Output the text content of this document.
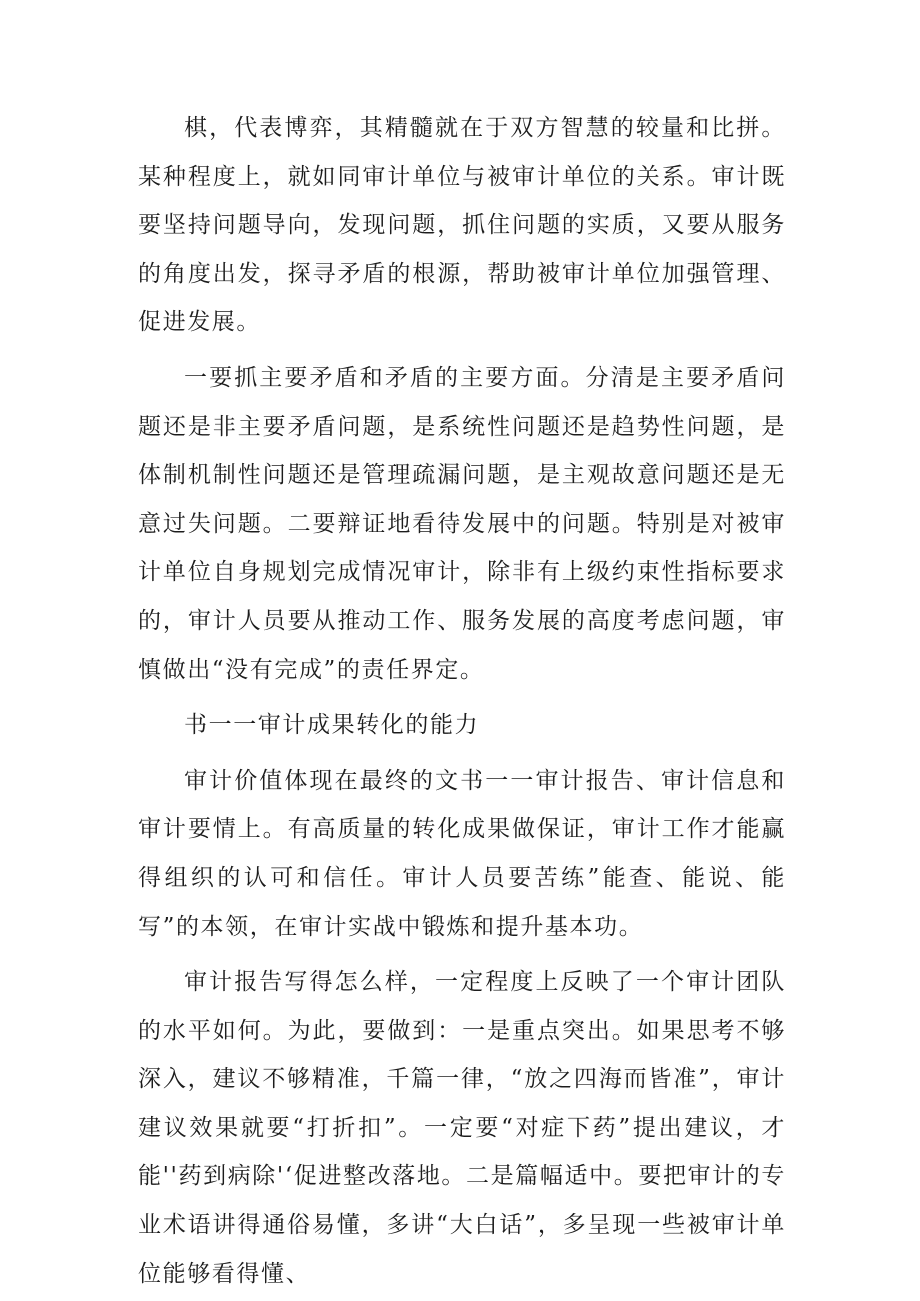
棋，代表博弈，其精髓就在于双方智慧的较量和比拼。某种程度上，就如同审计单位与被审计单位的关系。审计既要坚持问题导向，发现问题，抓住问题的实质，又要从服务的角度出发，探寻矛盾的根源，帮助被审计单位加强管理、促进发展。

一要抓主要矛盾和矛盾的主要方面。分清是主要矛盾问题还是非主要矛盾问题，是系统性问题还是趋势性问题，是体制机制性问题还是管理疏漏问题，是主观故意问题还是无意过失问题。二要辩证地看待发展中的问题。特别是对被审计单位自身规划完成情况审计，除非有上级约束性指标要求的，审计人员要从推动工作、服务发展的高度考虑问题，审慎做出“没有完成”的责任界定。

书一一审计成果转化的能力

审计价值体现在最终的文书一一审计报告、审计信息和审计要情上。有高质量的转化成果做保证，审计工作才能赢得组织的认可和信任。审计人员要苦练”能查、能说、能写”的本领，在审计实战中锻炼和提升基本功。

审计报告写得怎么样，一定程度上反映了一个审计团队的水平如何。为此，要做到：一是重点突出。如果思考不够深入，建议不够精准，千篇一律，“放之四海而皆准”，审计建议效果就要“打折扣”。一定要“对症下药”提出建议，才能''药到病除'‘促进整改落地。二是篇幅适中。要把审计的专业术语讲得通俗易懂，多讲“大白话”，多呈现一些被审计单位能够看得懂、
